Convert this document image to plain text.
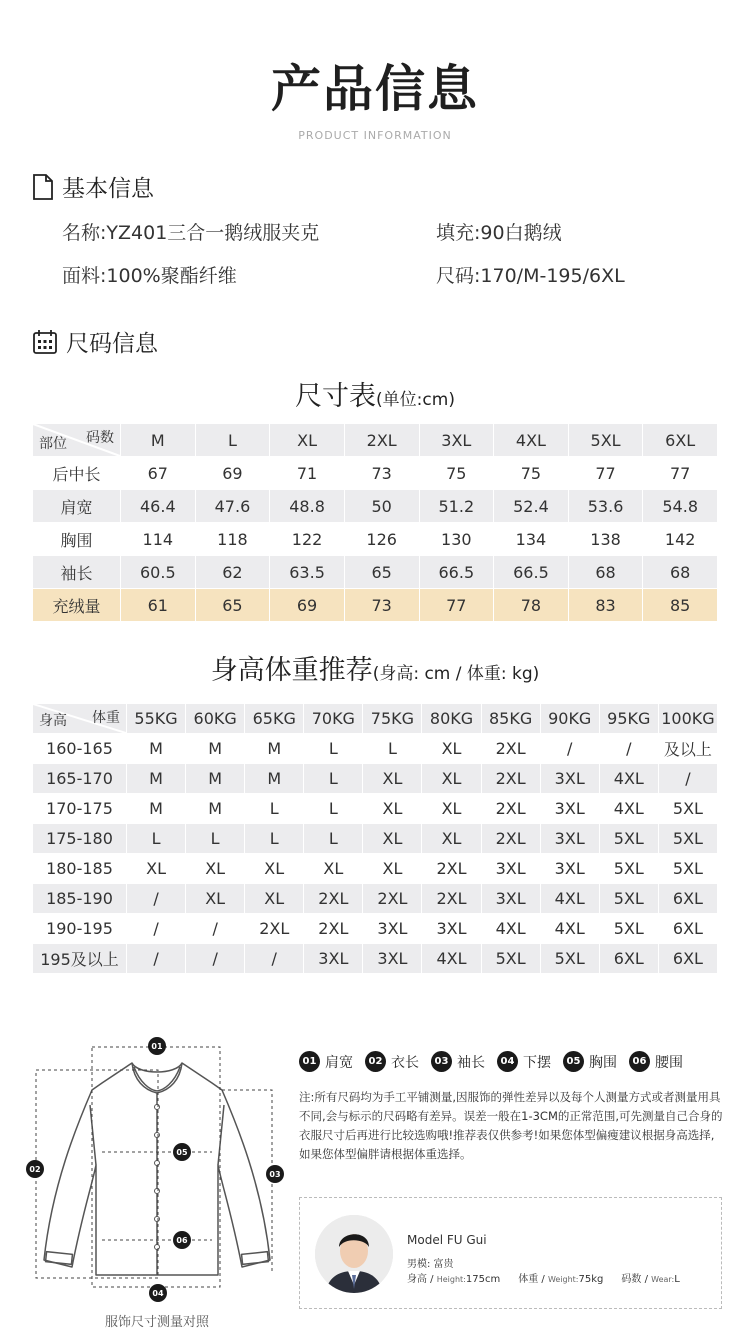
产品信息
PRODUCT INFORMATION
基本信息
名称:YZ401三合一鹅绒服夹克	填充:90白鹅绒
面料:100%聚酯纤维	尺码:170/M-195/6XL
尺码信息
尺寸表(单位:cm)
码数
部位	M	L	XL	2XL	3XL	4XL	5XL	6XL
后中长	67	69	71	73	75	75	77	77
肩宽	46.4	47.6	48.8	50	51.2	52.4	53.6	54.8
胸围	114	118	122	126	130	134	138	142
袖长	60.5	62	63.5	65	66.5	66.5	68	68
充绒量	61	65	69	73	77	78	83	85
身高体重推荐(身高: cm / 体重: kg)
体重
身高	55KG	60KG	65KG	70KG	75KG	80KG	85KG	90KG	95KG	100KG
160-165	M	M	M	L	L	XL	2XL	/	/	及以上
165-170	M	M	M	L	XL	XL	2XL	3XL	4XL	/
170-175	M	M	L	L	XL	XL	2XL	3XL	4XL	5XL
175-180	L	L	L	L	XL	XL	2XL	3XL	5XL	5XL
180-185	XL	XL	XL	XL	XL	2XL	3XL	3XL	5XL	5XL
185-190	/	XL	XL	2XL	2XL	2XL	3XL	4XL	5XL	6XL
190-195	/	/	2XL	2XL	3XL	3XL	4XL	4XL	5XL	6XL
195及以上	/	/	/	3XL	3XL	4XL	5XL	5XL	6XL	6XL
01
02
03
04
05
06
服饰尺寸测量对照
01 肩宽	02 衣长	03 袖长	04 下摆	05 胸围	06 腰围
注:所有尺码均为手工平铺测量,因服饰的弹性差异以及每个人测量方式或者测量用具不同,会与标示的尺码略有差异。误差一般在1-3CM的正常范围,可先测量自己合身的衣服尺寸后再进行比较选购哦!推荐表仅供参考!如果您体型偏瘦建议根据身高选择,如果您体型偏胖请根据体重选择。
Model FU Gui
男模: 富贵
身高 / Height:175cm 体重 / Weight:75kg 码数 / Wear:L
